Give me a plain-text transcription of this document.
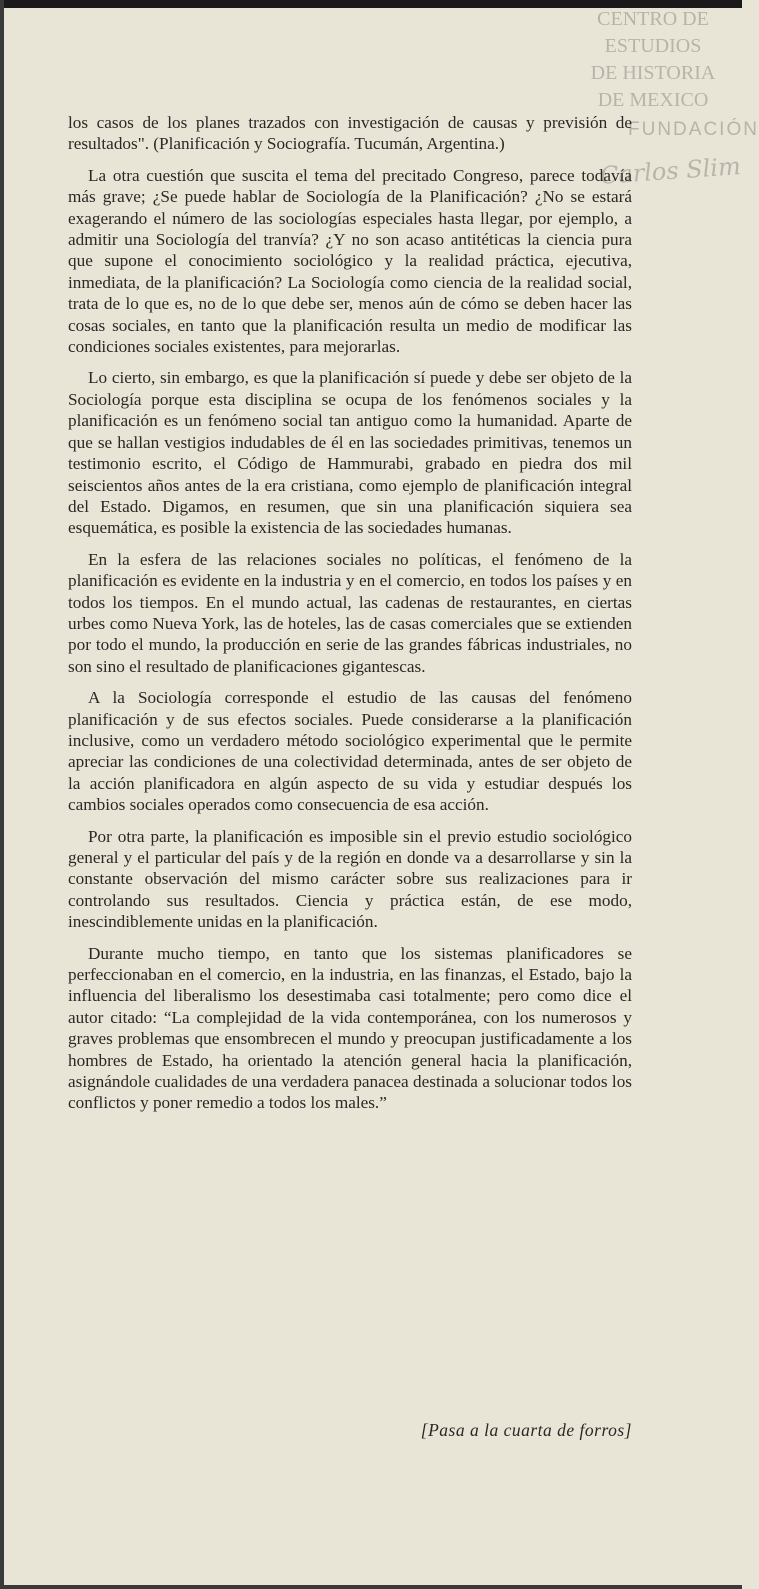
CENTRO DE
ESTUDIOS
DE HISTORIA
DE MEXICO
FUNDACIÓN
Carlos Slim

los casos de los planes trazados con investigación de causas y previsión de resultados". (Planificación y Sociografía. Tucumán, Argentina.)

La otra cuestión que suscita el tema del precitado Congreso, parece todavía más grave; ¿Se puede hablar de Sociología de la Planificación? ¿No se estará exagerando el número de las sociologías especiales hasta llegar, por ejemplo, a admitir una Sociología del tranvía? ¿Y no son acaso antitéticas la ciencia pura que supone el conocimiento sociológico y la realidad práctica, ejecutiva, inmediata, de la planificación? La Sociología como ciencia de la realidad social, trata de lo que es, no de lo que debe ser, menos aún de cómo se deben hacer las cosas sociales, en tanto que la planificación resulta un medio de modificar las condiciones sociales existentes, para mejorarlas.

Lo cierto, sin embargo, es que la planificación sí puede y debe ser objeto de la Sociología porque esta disciplina se ocupa de los fenómenos sociales y la planificación es un fenómeno social tan antiguo como la humanidad. Aparte de que se hallan vestigios indudables de él en las sociedades primitivas, tenemos un testimonio escrito, el Código de Hammurabi, grabado en piedra dos mil seiscientos años antes de la era cristiana, como ejemplo de planificación integral del Estado. Digamos, en resumen, que sin una planificación siquiera sea esquemática, es posible la existencia de las sociedades humanas.

En la esfera de las relaciones sociales no políticas, el fenómeno de la planificación es evidente en la industria y en el comercio, en todos los países y en todos los tiempos. En el mundo actual, las cadenas de restaurantes, en ciertas urbes como Nueva York, las de hoteles, las de casas comerciales que se extienden por todo el mundo, la producción en serie de las grandes fábricas industriales, no son sino el resultado de planificaciones gigantescas.

A la Sociología corresponde el estudio de las causas del fenómeno planificación y de sus efectos sociales. Puede considerarse a la planificación inclusive, como un verdadero método sociológico experimental que le permite apreciar las condiciones de una colectividad determinada, antes de ser objeto de la acción planificadora en algún aspecto de su vida y estudiar después los cambios sociales operados como consecuencia de esa acción.

Por otra parte, la planificación es imposible sin el previo estudio sociológico general y el particular del país y de la región en donde va a desarrollarse y sin la constante observación del mismo carácter sobre sus realizaciones para ir controlando sus resultados. Ciencia y práctica están, de ese modo, inescindiblemente unidas en la planificación.

Durante mucho tiempo, en tanto que los sistemas planificadores se perfeccionaban en el comercio, en la industria, en las finanzas, el Estado, bajo la influencia del liberalismo los desestimaba casi totalmente; pero como dice el autor citado: “La complejidad de la vida contemporánea, con los numerosos y graves problemas que ensombrecen el mundo y preocupan justificadamente a los hombres de Estado, ha orientado la atención general hacia la planificación, asignándole cualidades de una verdadera panacea destinada a solucionar todos los conflictos y poner remedio a todos los males.”

[Pasa a la cuarta de forros]
